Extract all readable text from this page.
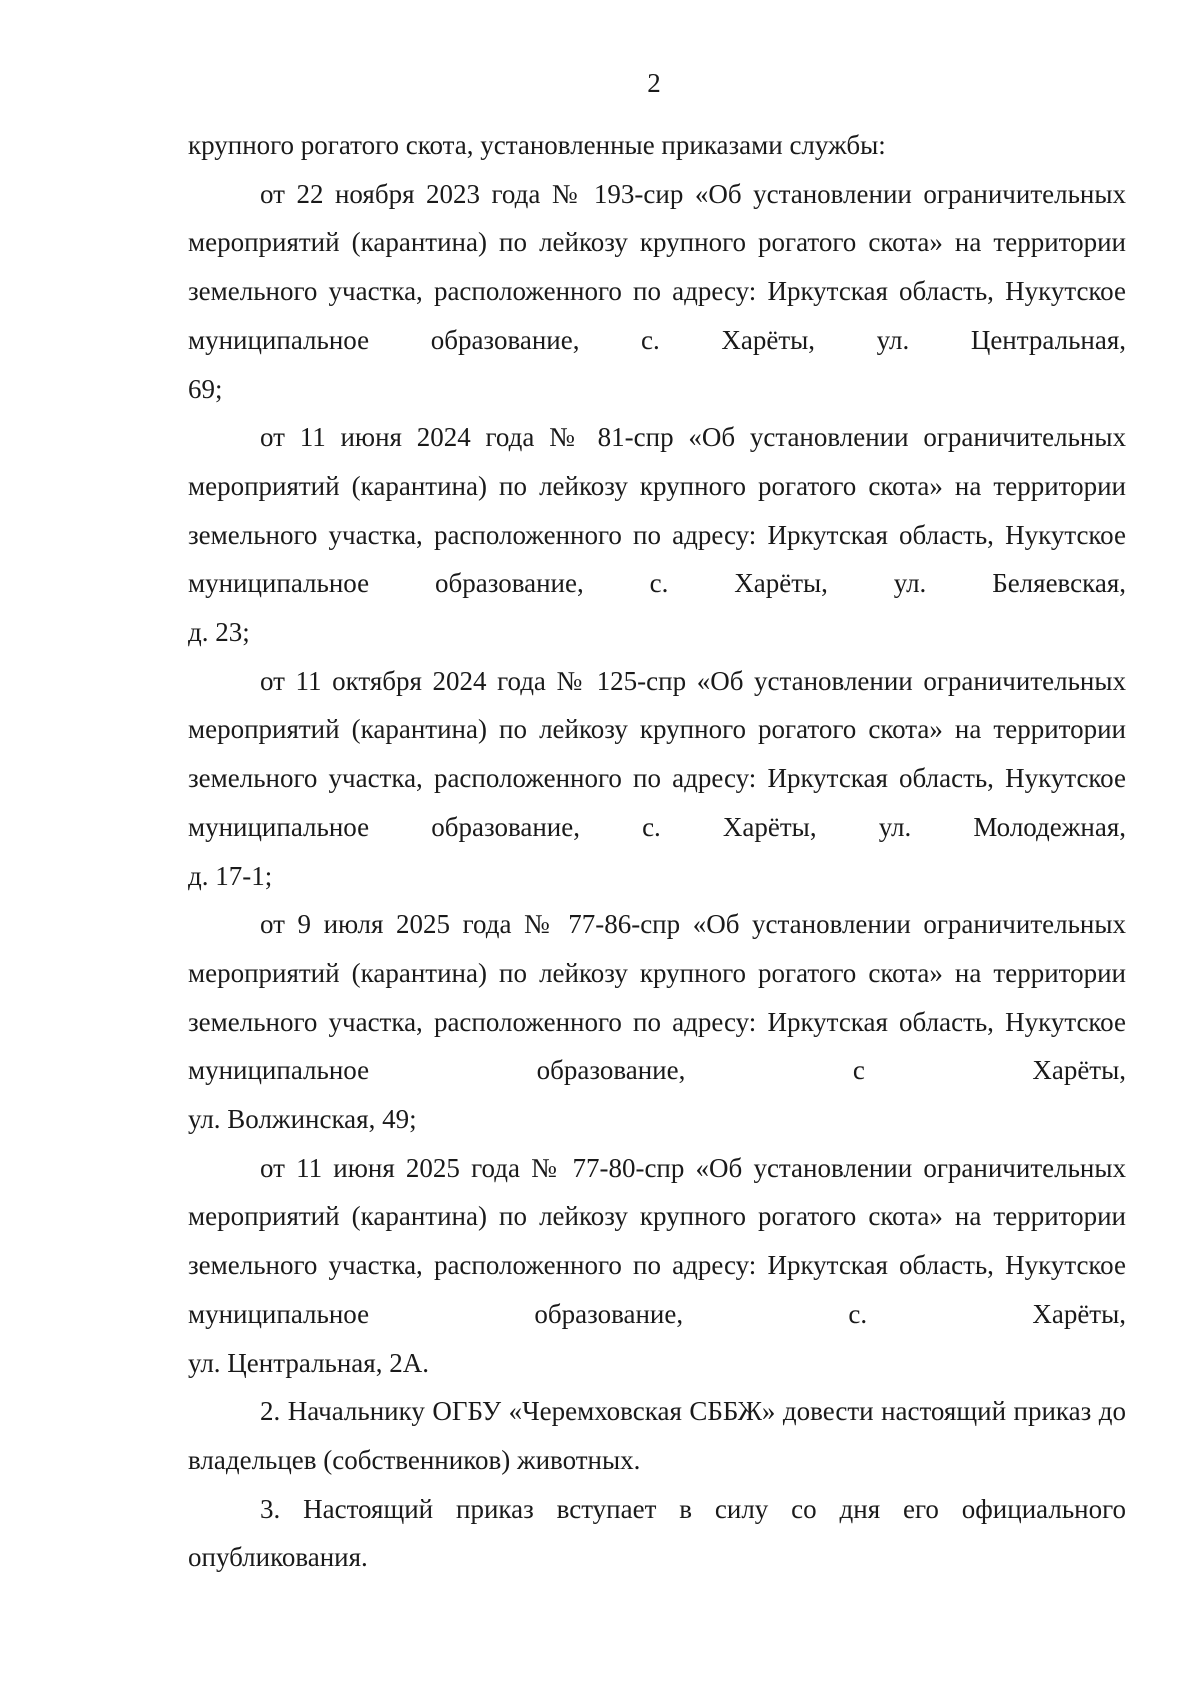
2

крупного рогатого скота, установленные приказами службы:

от 22 ноября 2023 года № 193-сир «Об установлении ограничительных мероприятий (карантина) по лейкозу крупного рогатого скота» на территории земельного участка, расположенного по адресу: Иркутская область, Нукутское муниципальное образование, с. Харёты, ул. Центральная,

69;

от 11 июня 2024 года № 81-спр «Об установлении ограничительных мероприятий (карантина) по лейкозу крупного рогатого скота» на территории земельного участка, расположенного по адресу: Иркутская область, Нукутское муниципальное образование, с. Харёты, ул. Беляевская,

д. 23;

от 11 октября 2024 года № 125-спр «Об установлении ограничительных мероприятий (карантина) по лейкозу крупного рогатого скота» на территории земельного участка, расположенного по адресу: Иркутская область, Нукутское муниципальное образование, с. Харёты, ул. Молодежная,

д. 17-1;

от 9 июля 2025 года № 77-86-спр «Об установлении ограничительных мероприятий (карантина) по лейкозу крупного рогатого скота» на территории земельного участка, расположенного по адресу: Иркутская область, Нукутское муниципальное образование, с Харёты,

ул. Волжинская, 49;

от 11 июня 2025 года № 77-80-спр «Об установлении ограничительных мероприятий (карантина) по лейкозу крупного рогатого скота» на территории земельного участка, расположенного по адресу: Иркутская область, Нукутское муниципальное образование, с. Харёты,

ул. Центральная, 2А.

2. Начальнику ОГБУ «Черемховская СББЖ» довести настоящий приказ до владельцев (собственников) животных.

3. Настоящий приказ вступает в силу со дня его официального опубликования.
